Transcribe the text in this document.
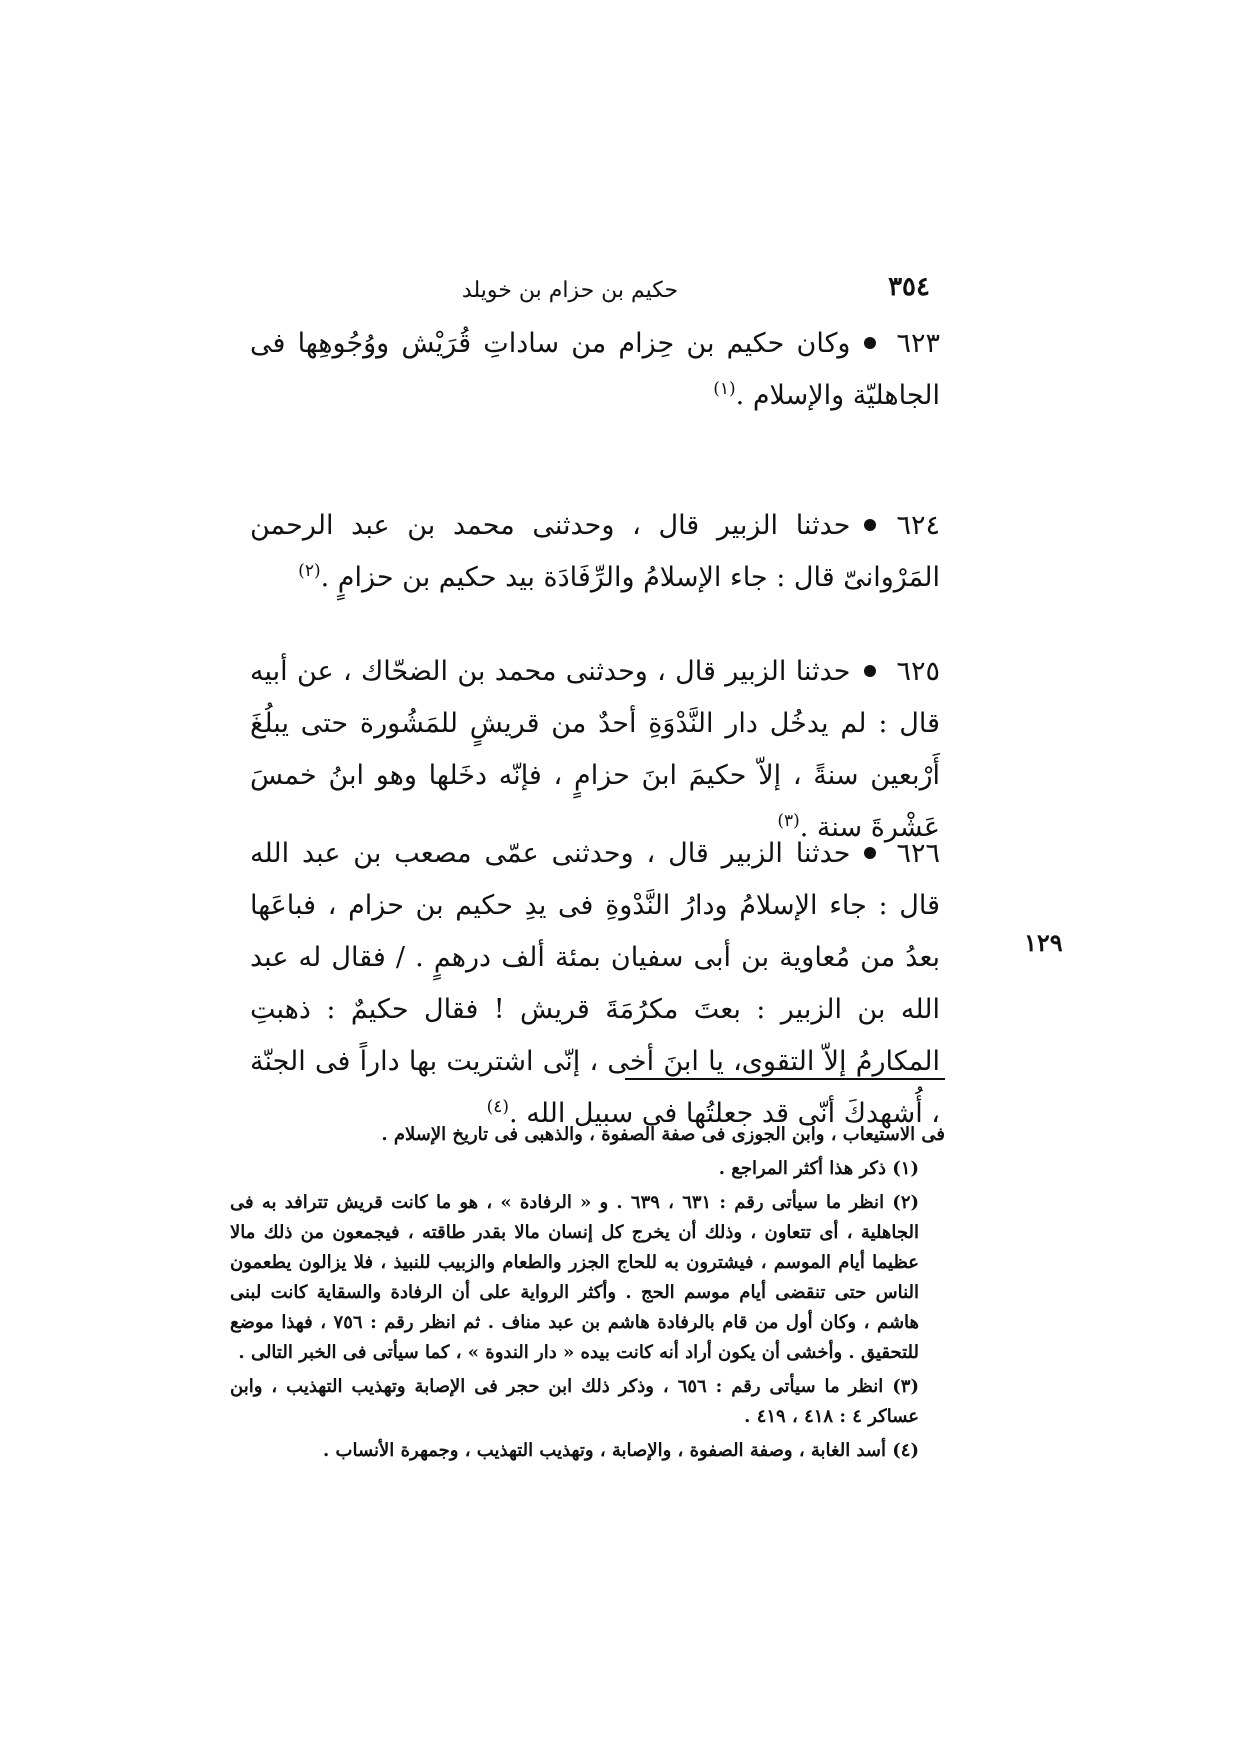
٣٥٤
حكيم بن حزام بن خويلد
٦٢٣وكان حكيم بن حِزام من ساداتِ قُرَيْش ووُجُوهِها فى الجاهليّة والإسلام .$^{(١)}$
٦٢٤حدثنا الزبير قال ، وحدثنى محمد بن عبد الرحمن المَرْوانىّ قال : جاء الإسلامُ والرِّفَادَة بيد حكيم بن حزامٍ .$^{(٢)}$
٦٢٥حدثنا الزبير قال ، وحدثنى محمد بن الضحّاك ، عن أبيه قال : لم يدخُل دار النَّدْوَةِ أحدٌ من قريشٍ للمَشُورة حتى يبلُغَ أَرْبعين سنةً ، إلاّ حكيمَ ابنَ حزامٍ ، فإنّه دخَلها وهو ابنُ خمسَ عَشْرةَ سنة .$^{(٣)}$
٦٢٦حدثنا الزبير قال ، وحدثنى عمّى مصعب بن عبد الله قال : جاء الإسلامُ ودارُ النَّدْوةِ فى يدِ حكيم بن حزام ، فباعَها بعدُ من مُعاوية بن أبى سفيان بمئة ألف درهمٍ . / فقال له عبد الله بن الزبير : بعتَ مكرُمَةَ قريش ! فقال حكيمٌ : ذهبتِ المكارمُ إلاّ التقوى، يا ابنَ أخى ، إنّى اشتريت بها داراً فى الجنّة ، أُشهدكَ أنّى قد جعلتُها فى سبيل الله .$^{(٤)}$
١٢٩

فى الاستيعاب ، وابن الجوزى فى صفة الصفوة ، والذهبى فى تاريخ الإسلام .

(١) ذكر هذا أكثر المراجع .

(٢) انظر ما سيأتى رقم : ٦٣١ ، ٦٣٩ . و « الرفادة » ، هو ما كانت قريش تترافد به فى الجاهلية ، أى تتعاون ، وذلك أن يخرج كل إنسان مالا بقدر طاقته ، فيجمعون من ذلك مالا عظيما أيام الموسم ، فيشترون به للحاج الجزر والطعام والزبيب للنبيذ ، فلا يزالون يطعمون الناس حتى تنقضى أيام موسم الحج . وأكثر الرواية على أن الرفادة والسقاية كانت لبنى هاشم ، وكان أول من قام بالرفادة هاشم بن عبد مناف . ثم انظر رقم : ٧٥٦ ، فهذا موضع للتحقيق . وأخشى أن يكون أراد أنه كانت بيده « دار الندوة » ، كما سيأتى فى الخبر التالى .

(٣) انظر ما سيأتى رقم : ٦٥٦ ، وذكر ذلك ابن حجر فى الإصابة وتهذيب التهذيب ، وابن عساكر ٤ : ٤١٨ ، ٤١٩ .

(٤) أسد الغابة ، وصفة الصفوة ، والإصابة ، وتهذيب التهذيب ، وجمهرة الأنساب .
